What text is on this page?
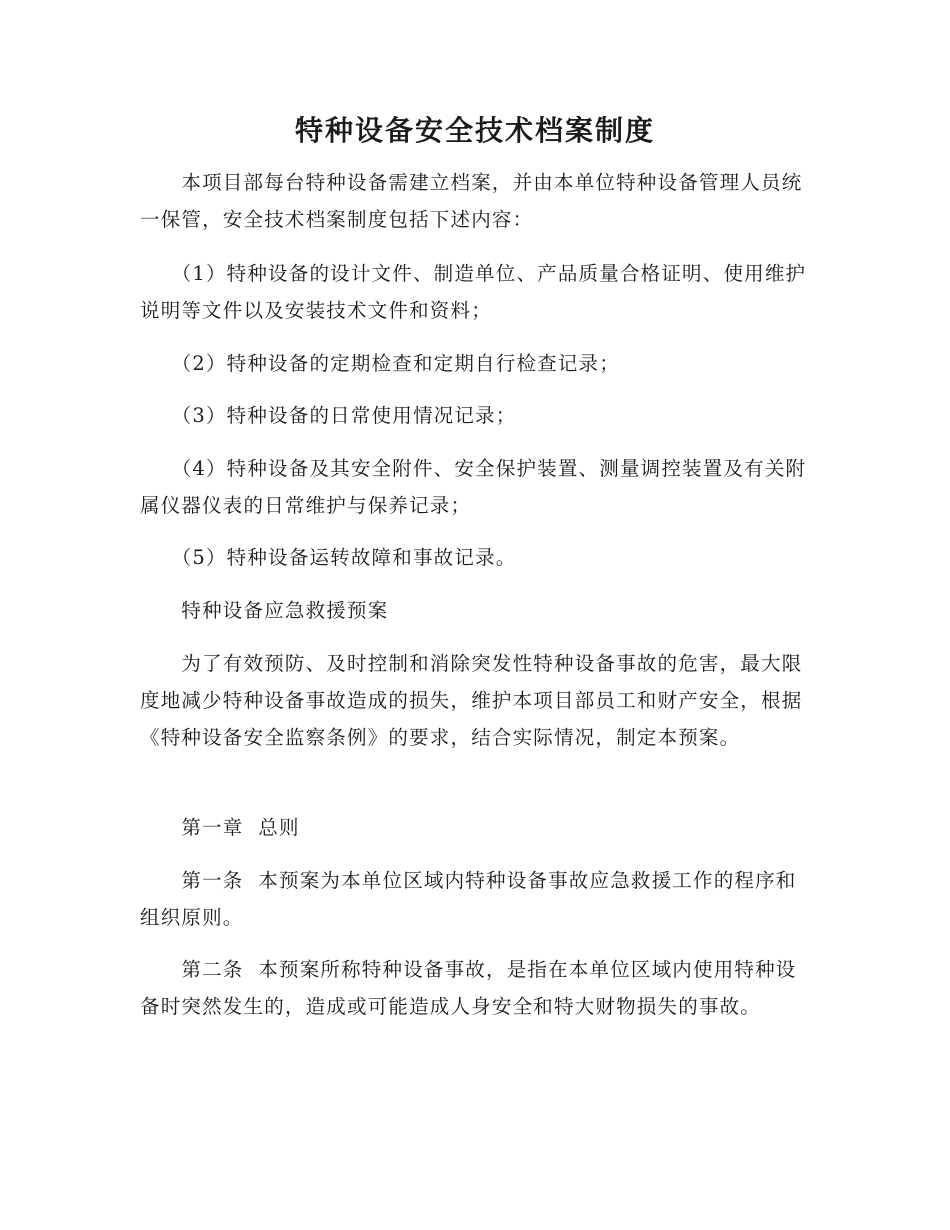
特种设备安全技术档案制度

　　本项目部每台特种设备需建立档案，并由本单位特种设备管理人员统一保管，安全技术档案制度包括下述内容：

　　（1）特种设备的设计文件、制造单位、产品质量合格证明、使用维护说明等文件以及安装技术文件和资料；

　　（2）特种设备的定期检查和定期自行检查记录；

　　（3）特种设备的日常使用情况记录；

　　（4）特种设备及其安全附件、安全保护装置、测量调控装置及有关附属仪器仪表的日常维护与保养记录；

　　（5）特种设备运转故障和事故记录。

　　特种设备应急救援预案

　　为了有效预防、及时控制和消除突发性特种设备事故的危害，最大限度地减少特种设备事故造成的损失，维护本项目部员工和财产安全，根据《特种设备安全监察条例》的要求，结合实际情况，制定本预案。

　　第一章  总则

　　第一条  本预案为本单位区域内特种设备事故应急救援工作的程序和组织原则。

　　第二条  本预案所称特种设备事故，是指在本单位区域内使用特种设备时突然发生的，造成或可能造成人身安全和特大财物损失的事故。
